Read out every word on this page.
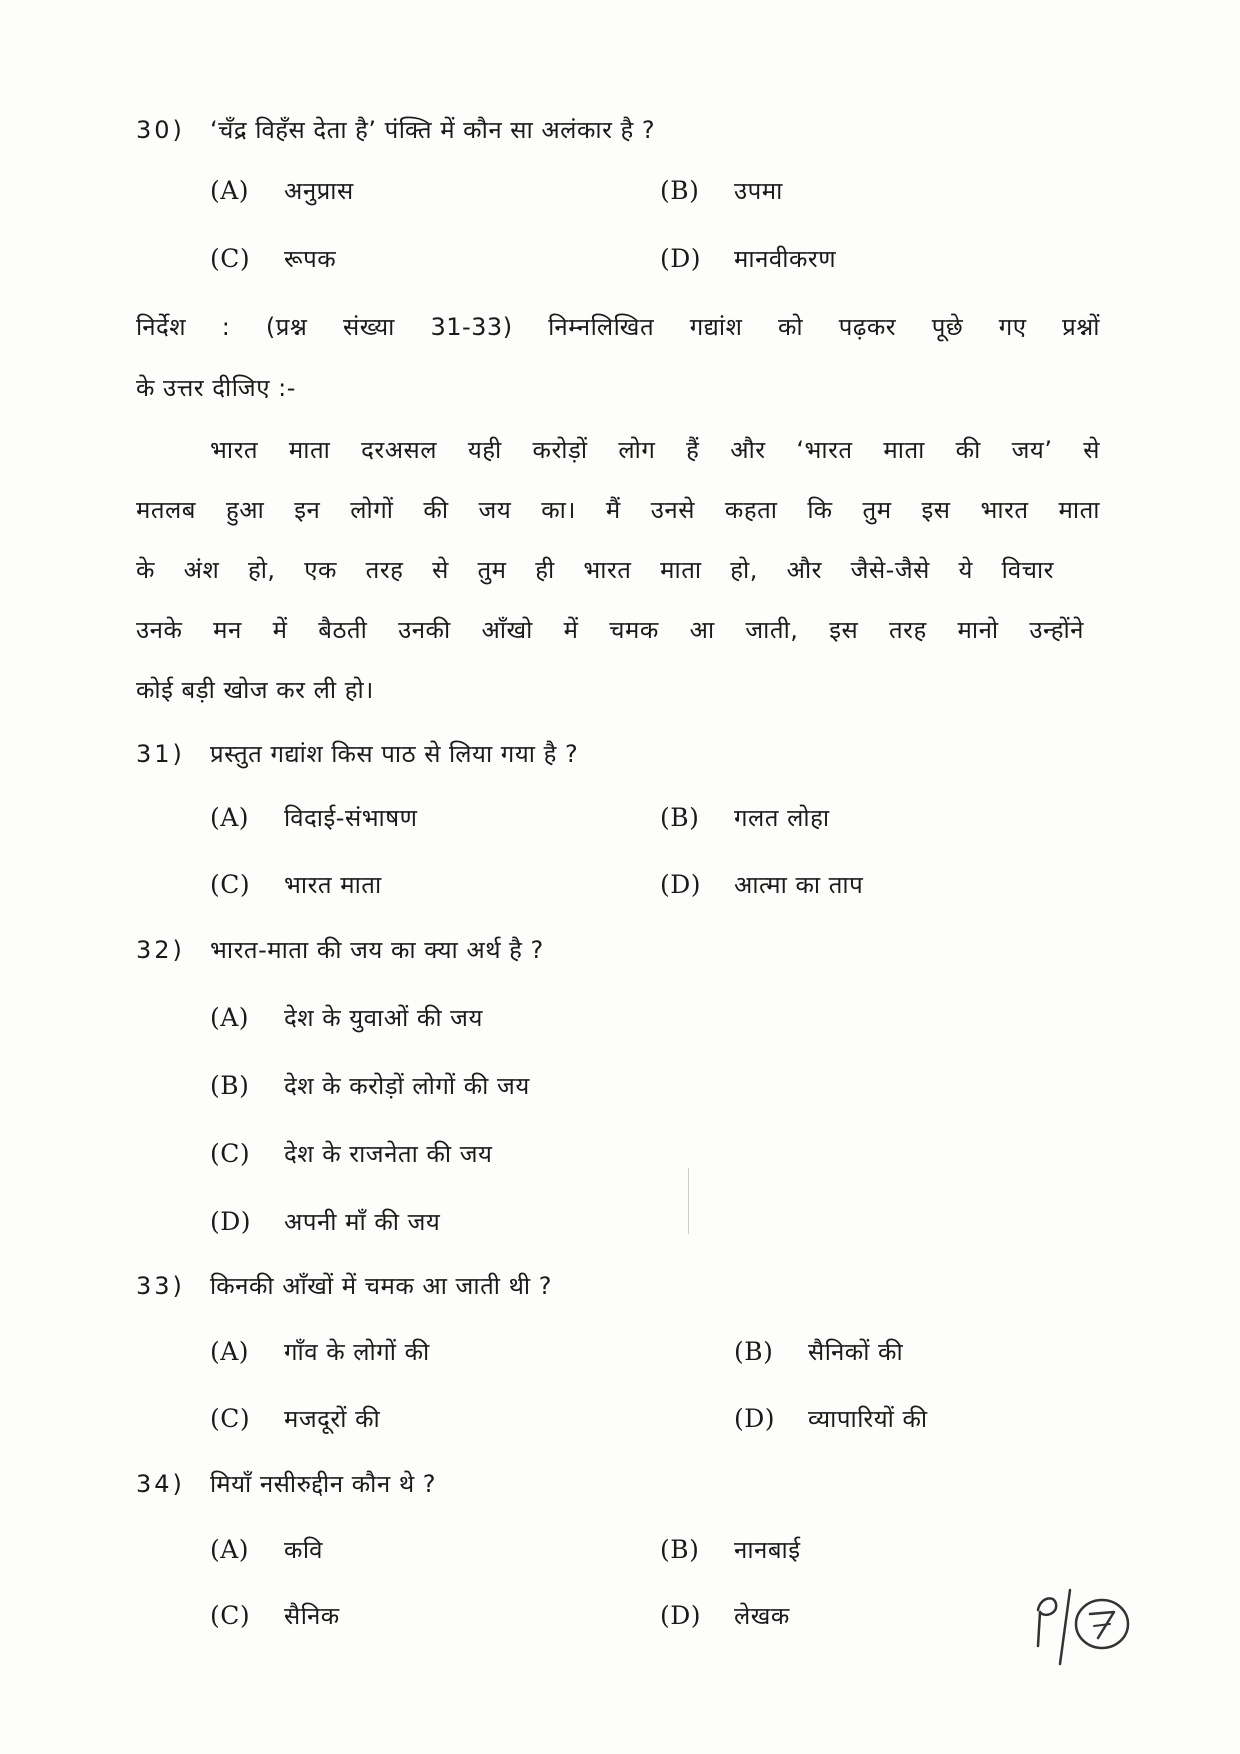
30) ‘चँद्र विहँस देता है’ पंक्ति में कौन सा अलंकार है ?
(A) अनुप्रास	(B) उपमा
(C) रूपक	(D) मानवीकरण
निर्देश : (प्रश्न संख्या 31-33) निम्नलिखित गद्यांश को पढ़कर पूछे गए प्रश्नों
के उत्तर दीजिए :-
भारत माता दरअसल यही करोड़ों लोग हैं और ‘भारत माता की जय’ से
मतलब हुआ इन लोगों की जय का। मैं उनसे कहता कि तुम इस भारत माता
के अंश हो, एक तरह से तुम ही भारत माता हो, और जैसे-जैसे ये विचार
उनके मन में बैठती उनकी आँखो में चमक आ जाती, इस तरह मानो उन्होंने
कोई बड़ी खोज कर ली हो।
31) प्रस्तुत गद्यांश किस पाठ से लिया गया है ?
(A) विदाई-संभाषण	(B) गलत लोहा
(C) भारत माता	(D) आत्मा का ताप
32) भारत-माता की जय का क्या अर्थ है ?
(A) देश के युवाओं की जय
(B) देश के करोड़ों लोगों की जय
(C) देश के राजनेता की जय
(D) अपनी माँ की जय
33) किनकी आँखों में चमक आ जाती थी ?
(A) गाँव के लोगों की	(B) सैनिकों की
(C) मजदूरों की	(D) व्यापारियों की
34) मियाँ नसीरुद्दीन कौन थे ?
(A) कवि	(B) नानबाई
(C) सैनिक	(D) लेखक
